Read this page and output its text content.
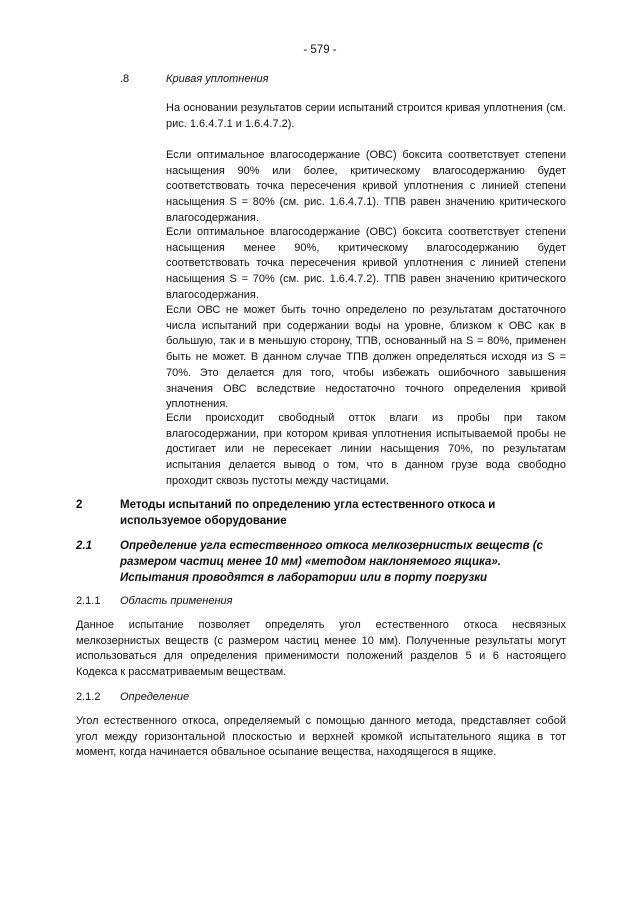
- 579 -
.8	Кривая уплотнения
На основании результатов серии испытаний строится кривая уплотнения (см. рис. 1.6.4.7.1 и 1.6.4.7.2).
Если оптимальное влагосодержание (ОВС) боксита соответствует степени насыщения 90% или более, критическому влагосодержанию будет соответствовать точка пересечения кривой уплотнения с линией степени насыщения S = 80% (см. рис. 1.6.4.7.1). ТПВ равен значению критического влагосодержания.
Если оптимальное влагосодержание (ОВС) боксита соответствует степени насыщения менее 90%, критическому влагосодержанию будет соответствовать точка пересечения кривой уплотнения с линией степени насыщения S = 70% (см. рис. 1.6.4.7.2). ТПВ равен значению критического влагосодержания.
Если ОВС не может быть точно определено по результатам достаточного числа испытаний при содержании воды на уровне, близком к ОВС как в большую, так и в меньшую сторону, ТПВ, основанный на S = 80%, применен быть не может. В данном случае ТПВ должен определяться исходя из S = 70%. Это делается для того, чтобы избежать ошибочного завышения значения ОВС вследствие недостаточно точного определения кривой уплотнения.
Если происходит свободный отток влаги из пробы при таком влагосодержании, при котором кривая уплотнения испытываемой пробы не достигает или не пересекает линии насыщения 70%, по результатам испытания делается вывод о том, что в данном грузе вода свободно проходит сквозь пустоты между частицами.
2	Методы испытаний по определению угла естественного откоса и используемое оборудование
2.1 Определение угла естественного откоса мелкозернистых веществ (с размером частиц менее 10 мм) «методом наклоняемого ящика». Испытания проводятся в лаборатории или в порту погрузки
2.1.1 Область применения
Данное испытание позволяет определять угол естественного откоса несвязных мелкозернистых веществ (с размером частиц менее 10 мм). Полученные результаты могут использоваться для определения применимости положений разделов 5 и 6 настоящего Кодекса к рассматриваемым веществам.
2.1.2 Определение
Угол естественного откоса, определяемый с помощью данного метода, представляет собой угол между горизонтальной плоскостью и верхней кромкой испытательного ящика в тот момент, когда начинается обвальное осыпание вещества, находящегося в ящике.
